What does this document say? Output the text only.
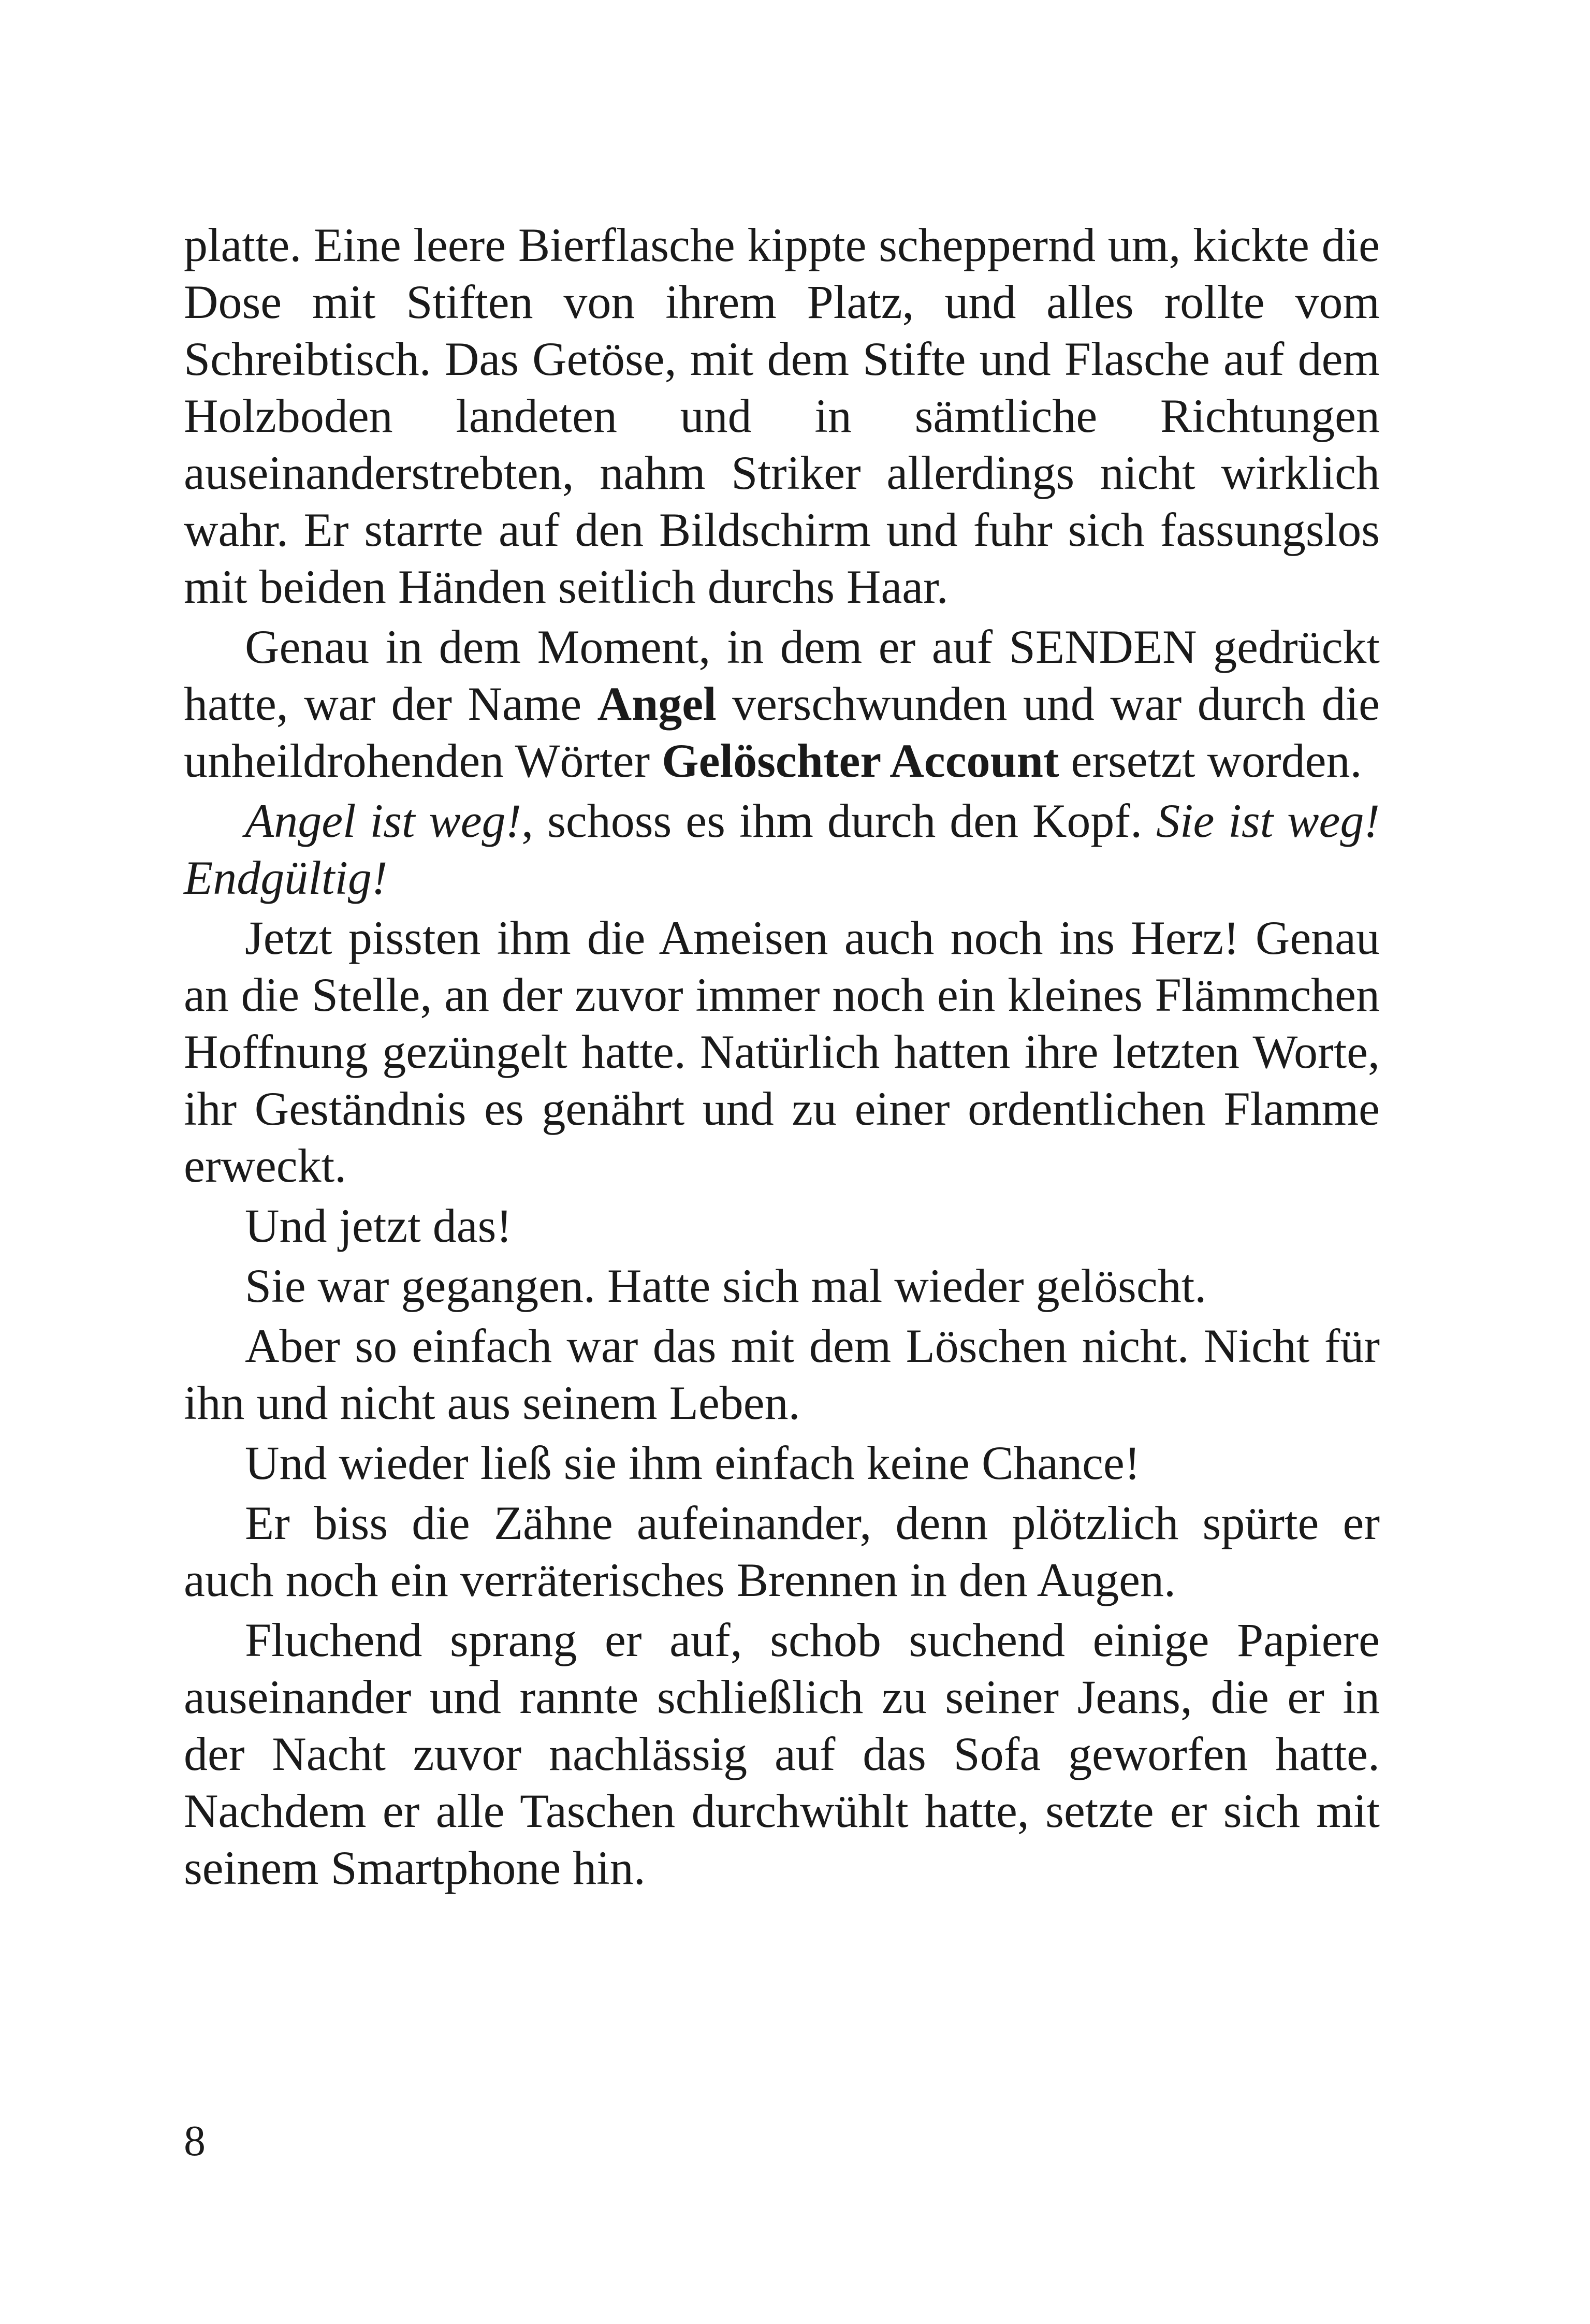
platte. Eine leere Bierflasche kippte scheppernd um, kickte die Dose mit Stiften von ihrem Platz, und alles rollte vom Schreibtisch. Das Getöse, mit dem Stifte und Flasche auf dem Holzboden landeten und in sämtliche Richtungen auseinanderstrebten, nahm Striker allerdings nicht wirklich wahr. Er starrte auf den Bildschirm und fuhr sich fassungslos mit beiden Händen seitlich durchs Haar.

Genau in dem Moment, in dem er auf SENDEN gedrückt hatte, war der Name Angel verschwunden und war durch die unheildrohenden Wörter Gelöschter Account ersetzt worden.

Angel ist weg!, schoss es ihm durch den Kopf. Sie ist weg! Endgültig!

Jetzt pissten ihm die Ameisen auch noch ins Herz! Genau an die Stelle, an der zuvor immer noch ein kleines Flämmchen Hoffnung gezüngelt hatte. Natürlich hatten ihre letzten Worte, ihr Geständnis es genährt und zu einer ordentlichen Flamme erweckt.

Und jetzt das!

Sie war gegangen. Hatte sich mal wieder gelöscht.

Aber so einfach war das mit dem Löschen nicht. Nicht für ihn und nicht aus seinem Leben.

Und wieder ließ sie ihm einfach keine Chance!

Er biss die Zähne aufeinander, denn plötzlich spürte er auch noch ein verräterisches Brennen in den Augen.

Fluchend sprang er auf, schob suchend einige Papiere auseinander und rannte schließlich zu seiner Jeans, die er in der Nacht zuvor nachlässig auf das Sofa geworfen hatte. Nachdem er alle Taschen durchwühlt hatte, setzte er sich mit seinem Smartphone hin.

8
